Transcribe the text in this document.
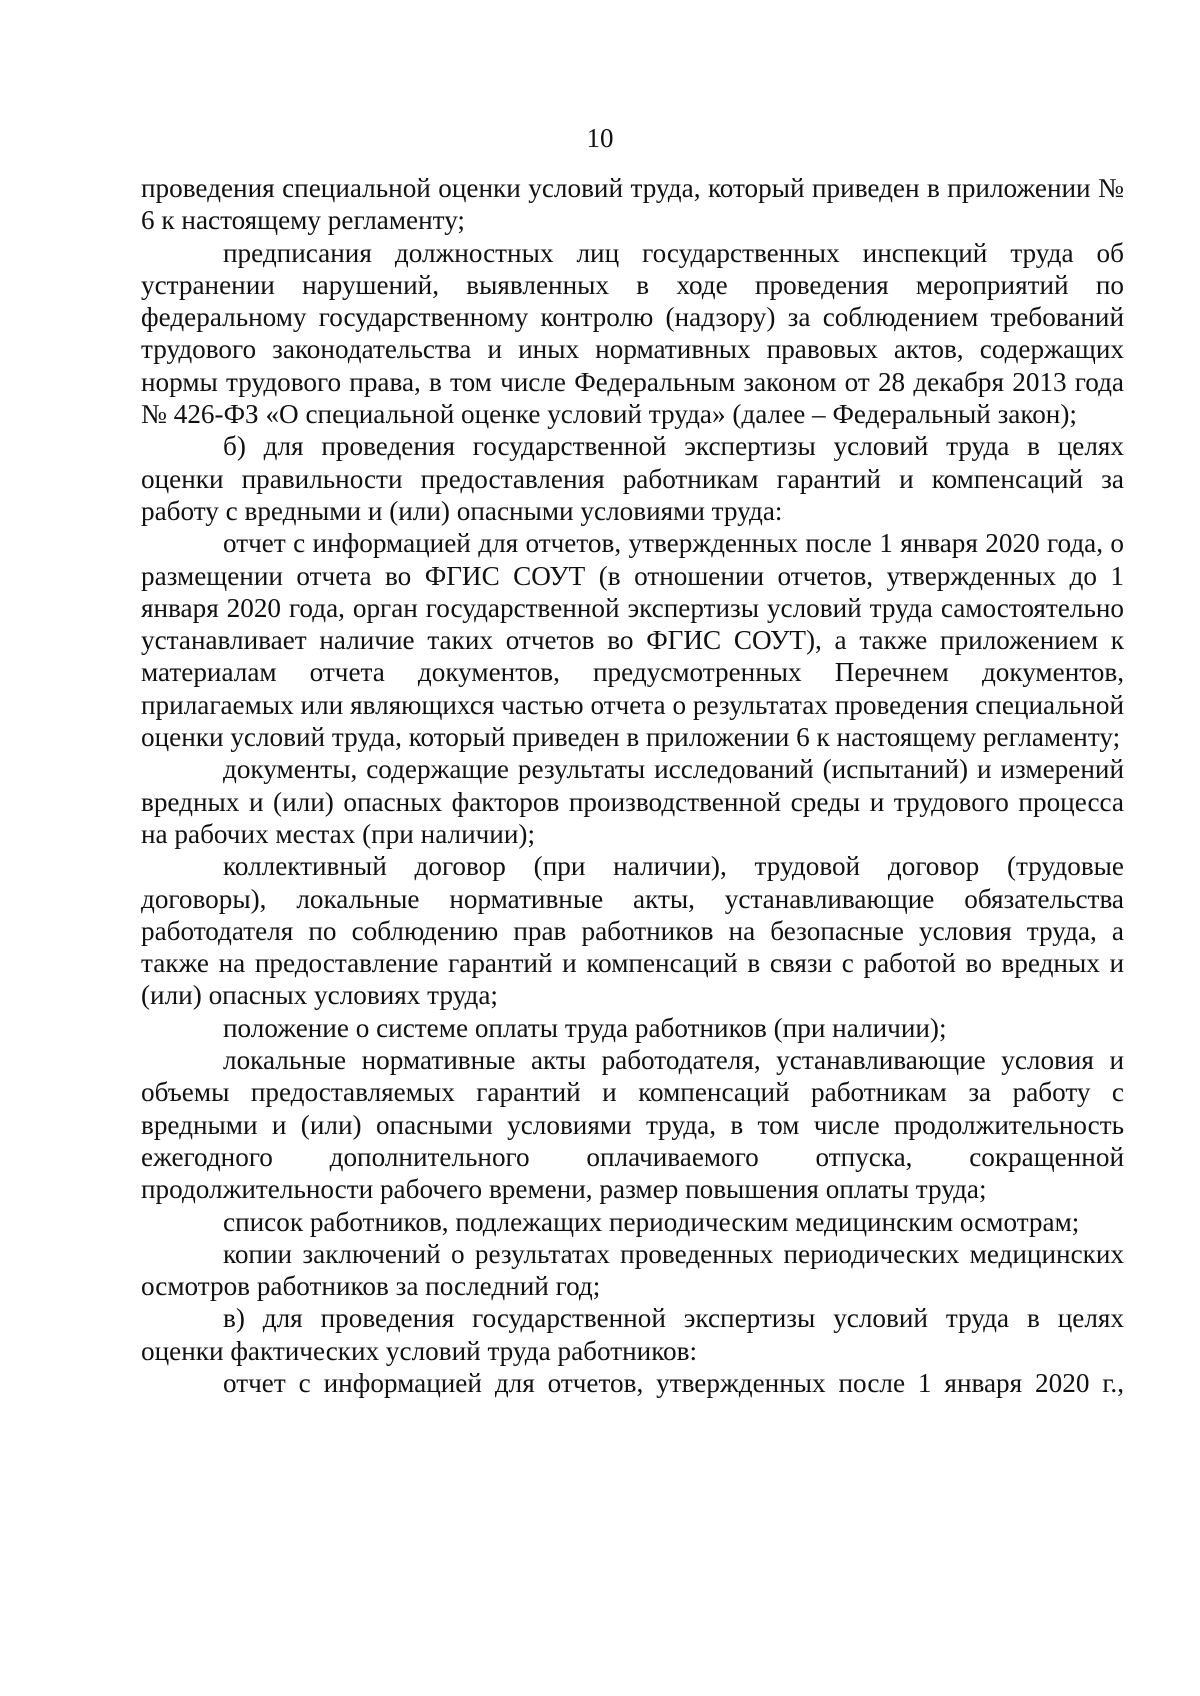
10

проведения специальной оценки условий труда, который приведен в приложении № 6 к настоящему регламенту;

предписания должностных лиц государственных инспекций труда об устранении нарушений, выявленных в ходе проведения мероприятий по федеральному государственному контролю (надзору) за соблюдением требований трудового законодательства и иных нормативных правовых актов, содержащих нормы трудового права, в том числе Федеральным законом от 28 декабря 2013 года № 426-ФЗ «О специальной оценке условий труда» (далее – Федеральный закон);

б) для проведения государственной экспертизы условий труда в целях оценки правильности предоставления работникам гарантий и компенсаций за работу с вредными и (или) опасными условиями труда:

отчет с информацией для отчетов, утвержденных после 1 января 2020 года, о размещении отчета во ФГИС СОУТ (в отношении отчетов, утвержденных до 1 января 2020 года, орган государственной экспертизы условий труда самостоятельно устанавливает наличие таких отчетов во ФГИС СОУТ), а также приложением к материалам отчета документов, предусмотренных Перечнем документов, прилагаемых или являющихся частью отчета о результатах проведения специальной оценки условий труда, который приведен в приложении 6 к настоящему регламенту;

документы, содержащие результаты исследований (испытаний) и измерений вредных и (или) опасных факторов производственной среды и трудового процесса на рабочих местах (при наличии);

коллективный договор (при наличии), трудовой договор (трудовые договоры), локальные нормативные акты, устанавливающие обязательства работодателя по соблюдению прав работников на безопасные условия труда, а также на предоставление гарантий и компенсаций в связи с работой во вредных и (или) опасных условиях труда;

положение о системе оплаты труда работников (при наличии);

локальные нормативные акты работодателя, устанавливающие условия и объемы предоставляемых гарантий и компенсаций работникам за работу с вредными и (или) опасными условиями труда, в том числе продолжительность ежегодного дополнительного оплачиваемого отпуска, сокращенной продолжительности рабочего времени, размер повышения оплаты труда;

список работников, подлежащих периодическим медицинским осмотрам;

копии заключений о результатах проведенных периодических медицинских осмотров работников за последний год;

в) для проведения государственной экспертизы условий труда в целях оценки фактических условий труда работников:

отчет с информацией для отчетов, утвержденных после 1 января 2020 г.,
